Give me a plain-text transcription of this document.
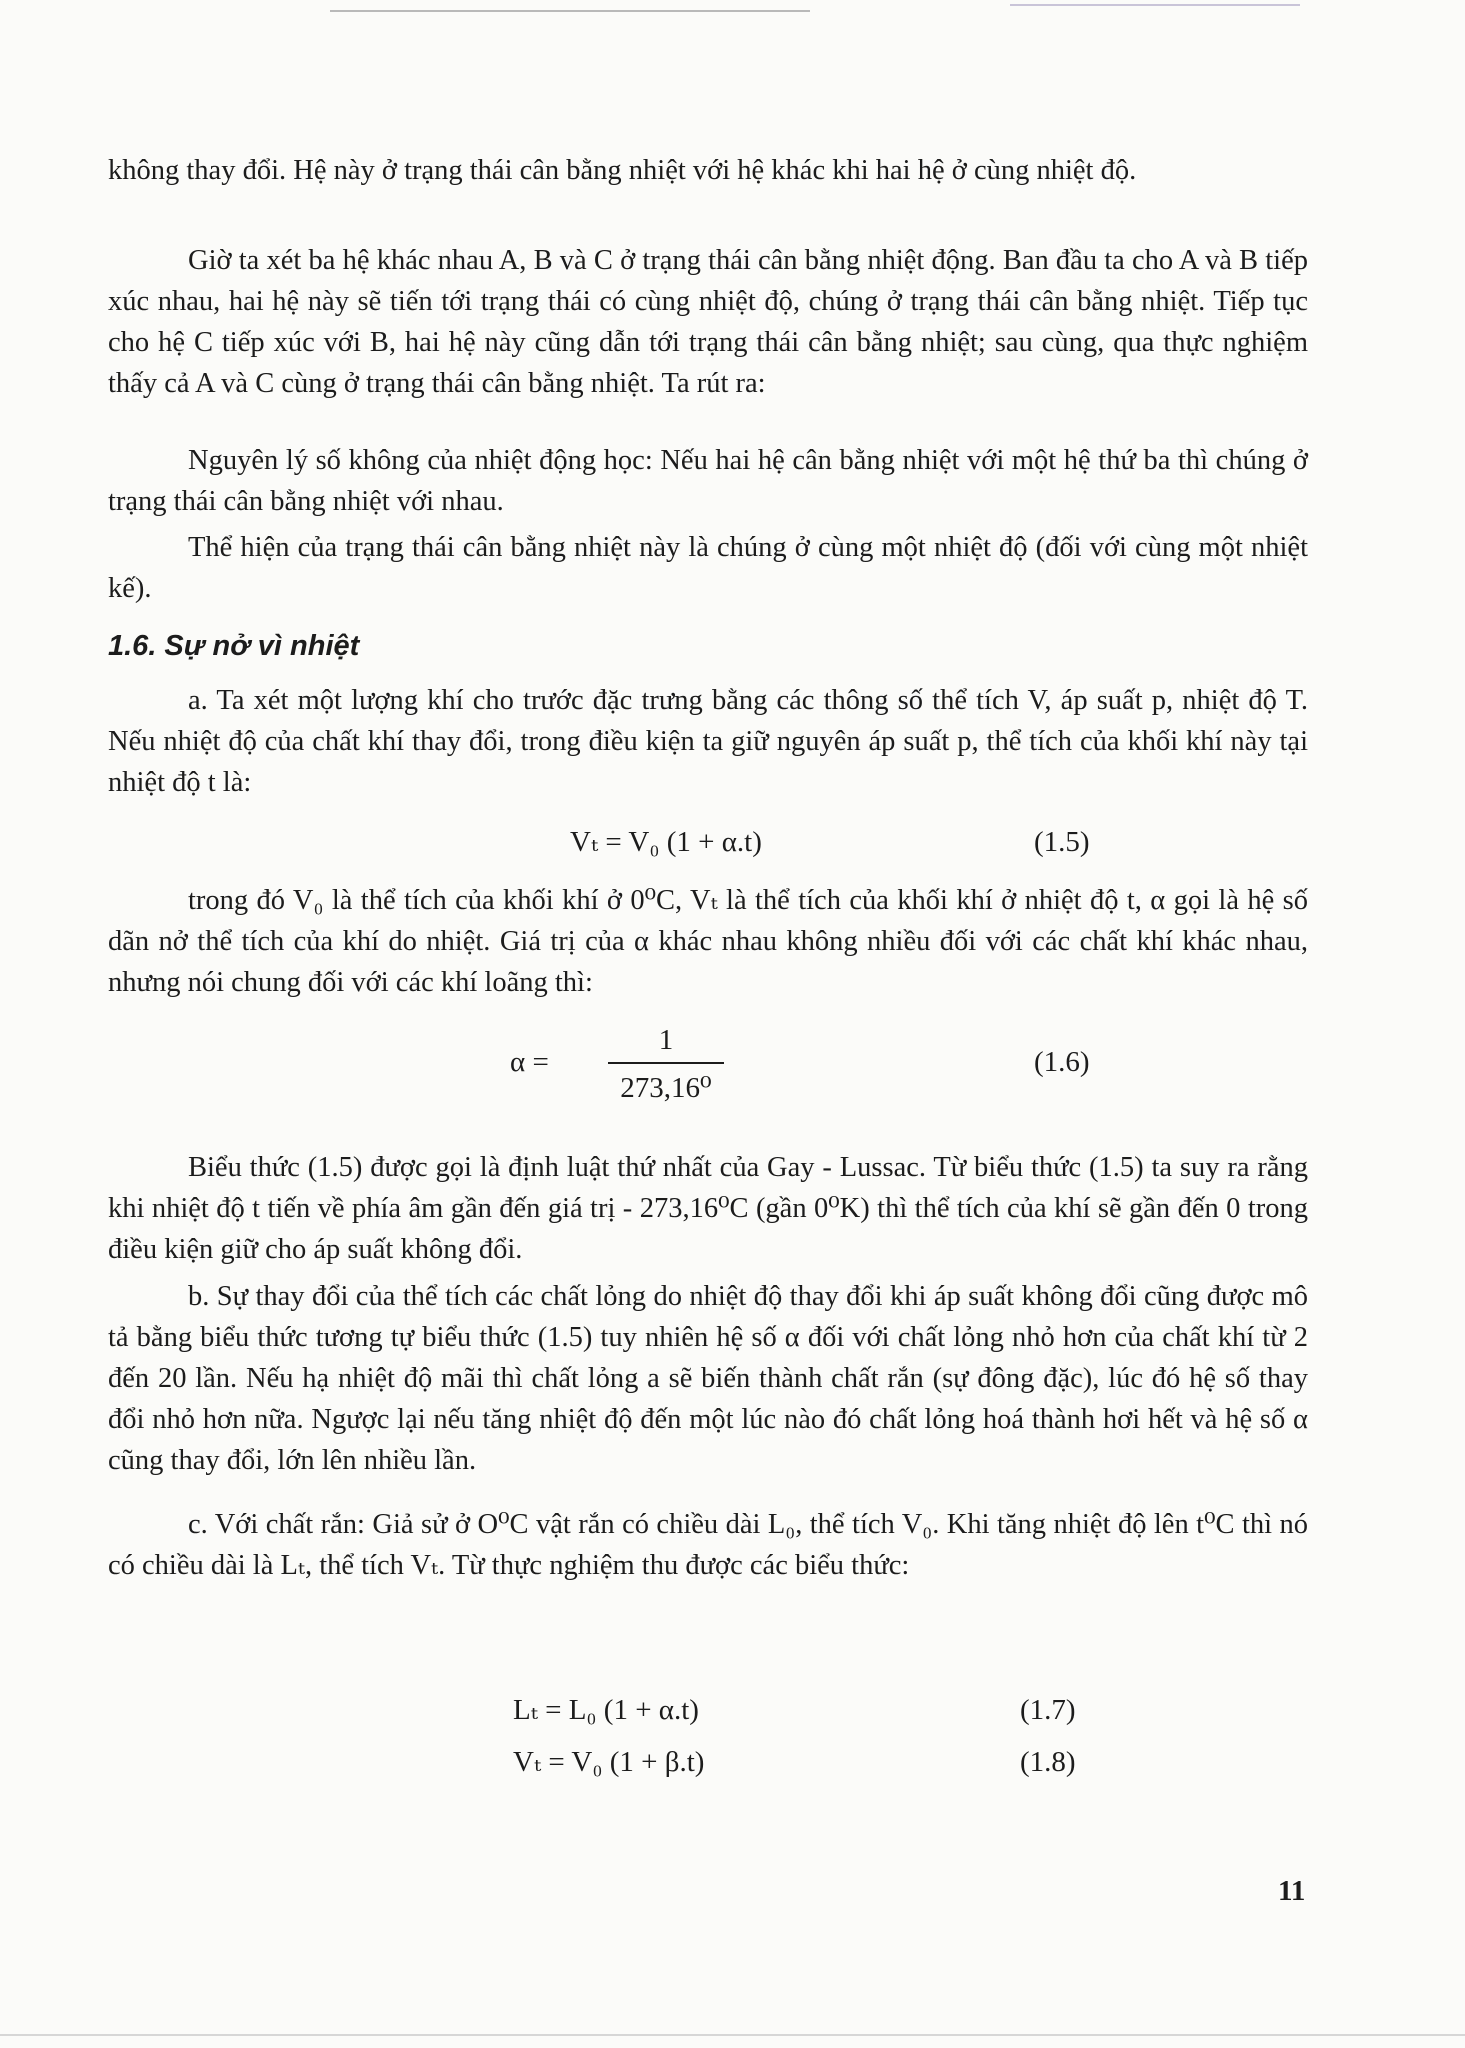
không thay đổi. Hệ này ở trạng thái cân bằng nhiệt với hệ khác khi hai hệ ở cùng nhiệt độ.

Giờ ta xét ba hệ khác nhau A, B và C ở trạng thái cân bằng nhiệt động. Ban đầu ta cho A và B tiếp xúc nhau, hai hệ này sẽ tiến tới trạng thái có cùng nhiệt độ, chúng ở trạng thái cân bằng nhiệt. Tiếp tục cho hệ C tiếp xúc với B, hai hệ này cũng dẫn tới trạng thái cân bằng nhiệt; sau cùng, qua thực nghiệm thấy cả A và C cùng ở trạng thái cân bằng nhiệt. Ta rút ra:

Nguyên lý số không của nhiệt động học: Nếu hai hệ cân bằng nhiệt với một hệ thứ ba thì chúng ở trạng thái cân bằng nhiệt với nhau.

Thể hiện của trạng thái cân bằng nhiệt này là chúng ở cùng một nhiệt độ (đối với cùng một nhiệt kế).

1.6. Sự nở vì nhiệt

a. Ta xét một lượng khí cho trước đặc trưng bằng các thông số thể tích V, áp suất p, nhiệt độ T. Nếu nhiệt độ của chất khí thay đổi, trong điều kiện ta giữ nguyên áp suất p, thể tích của khối khí này tại nhiệt độ t là:

Vₜ = V₀ (1 + α.t)	(1.5)

trong đó V₀ là thể tích của khối khí ở 0⁰C, Vₜ là thể tích của khối khí ở nhiệt độ t, α gọi là hệ số dãn nở thể tích của khí do nhiệt. Giá trị của α khác nhau không nhiều đối với các chất khí khác nhau, nhưng nói chung đối với các khí loãng thì:

α =
1
273,16⁰
(1.6)

Biểu thức (1.5) được gọi là định luật thứ nhất của Gay - Lussac. Từ biểu thức (1.5) ta suy ra rằng khi nhiệt độ t tiến về phía âm gần đến giá trị - 273,16⁰C (gần 0⁰K) thì thể tích của khí sẽ gần đến 0 trong điều kiện giữ cho áp suất không đổi.

b. Sự thay đổi của thể tích các chất lỏng do nhiệt độ thay đổi khi áp suất không đổi cũng được mô tả bằng biểu thức tương tự biểu thức (1.5) tuy nhiên hệ số α đối với chất lỏng nhỏ hơn của chất khí từ 2 đến 20 lần. Nếu hạ nhiệt độ mãi thì chất lỏng a sẽ biến thành chất rắn (sự đông đặc), lúc đó hệ số thay đổi nhỏ hơn nữa. Ngược lại nếu tăng nhiệt độ đến một lúc nào đó chất lỏng hoá thành hơi hết và hệ số α cũng thay đổi, lớn lên nhiều lần.

c. Với chất rắn: Giả sử ở O⁰C vật rắn có chiều dài L₀, thể tích V₀. Khi tăng nhiệt độ lên t⁰C thì nó có chiều dài là Lₜ, thể tích Vₜ. Từ thực nghiệm thu được các biểu thức:

Lₜ = L₀ (1 + α.t)	(1.7)
Vₜ = V₀ (1 + β.t)	(1.8)
11
